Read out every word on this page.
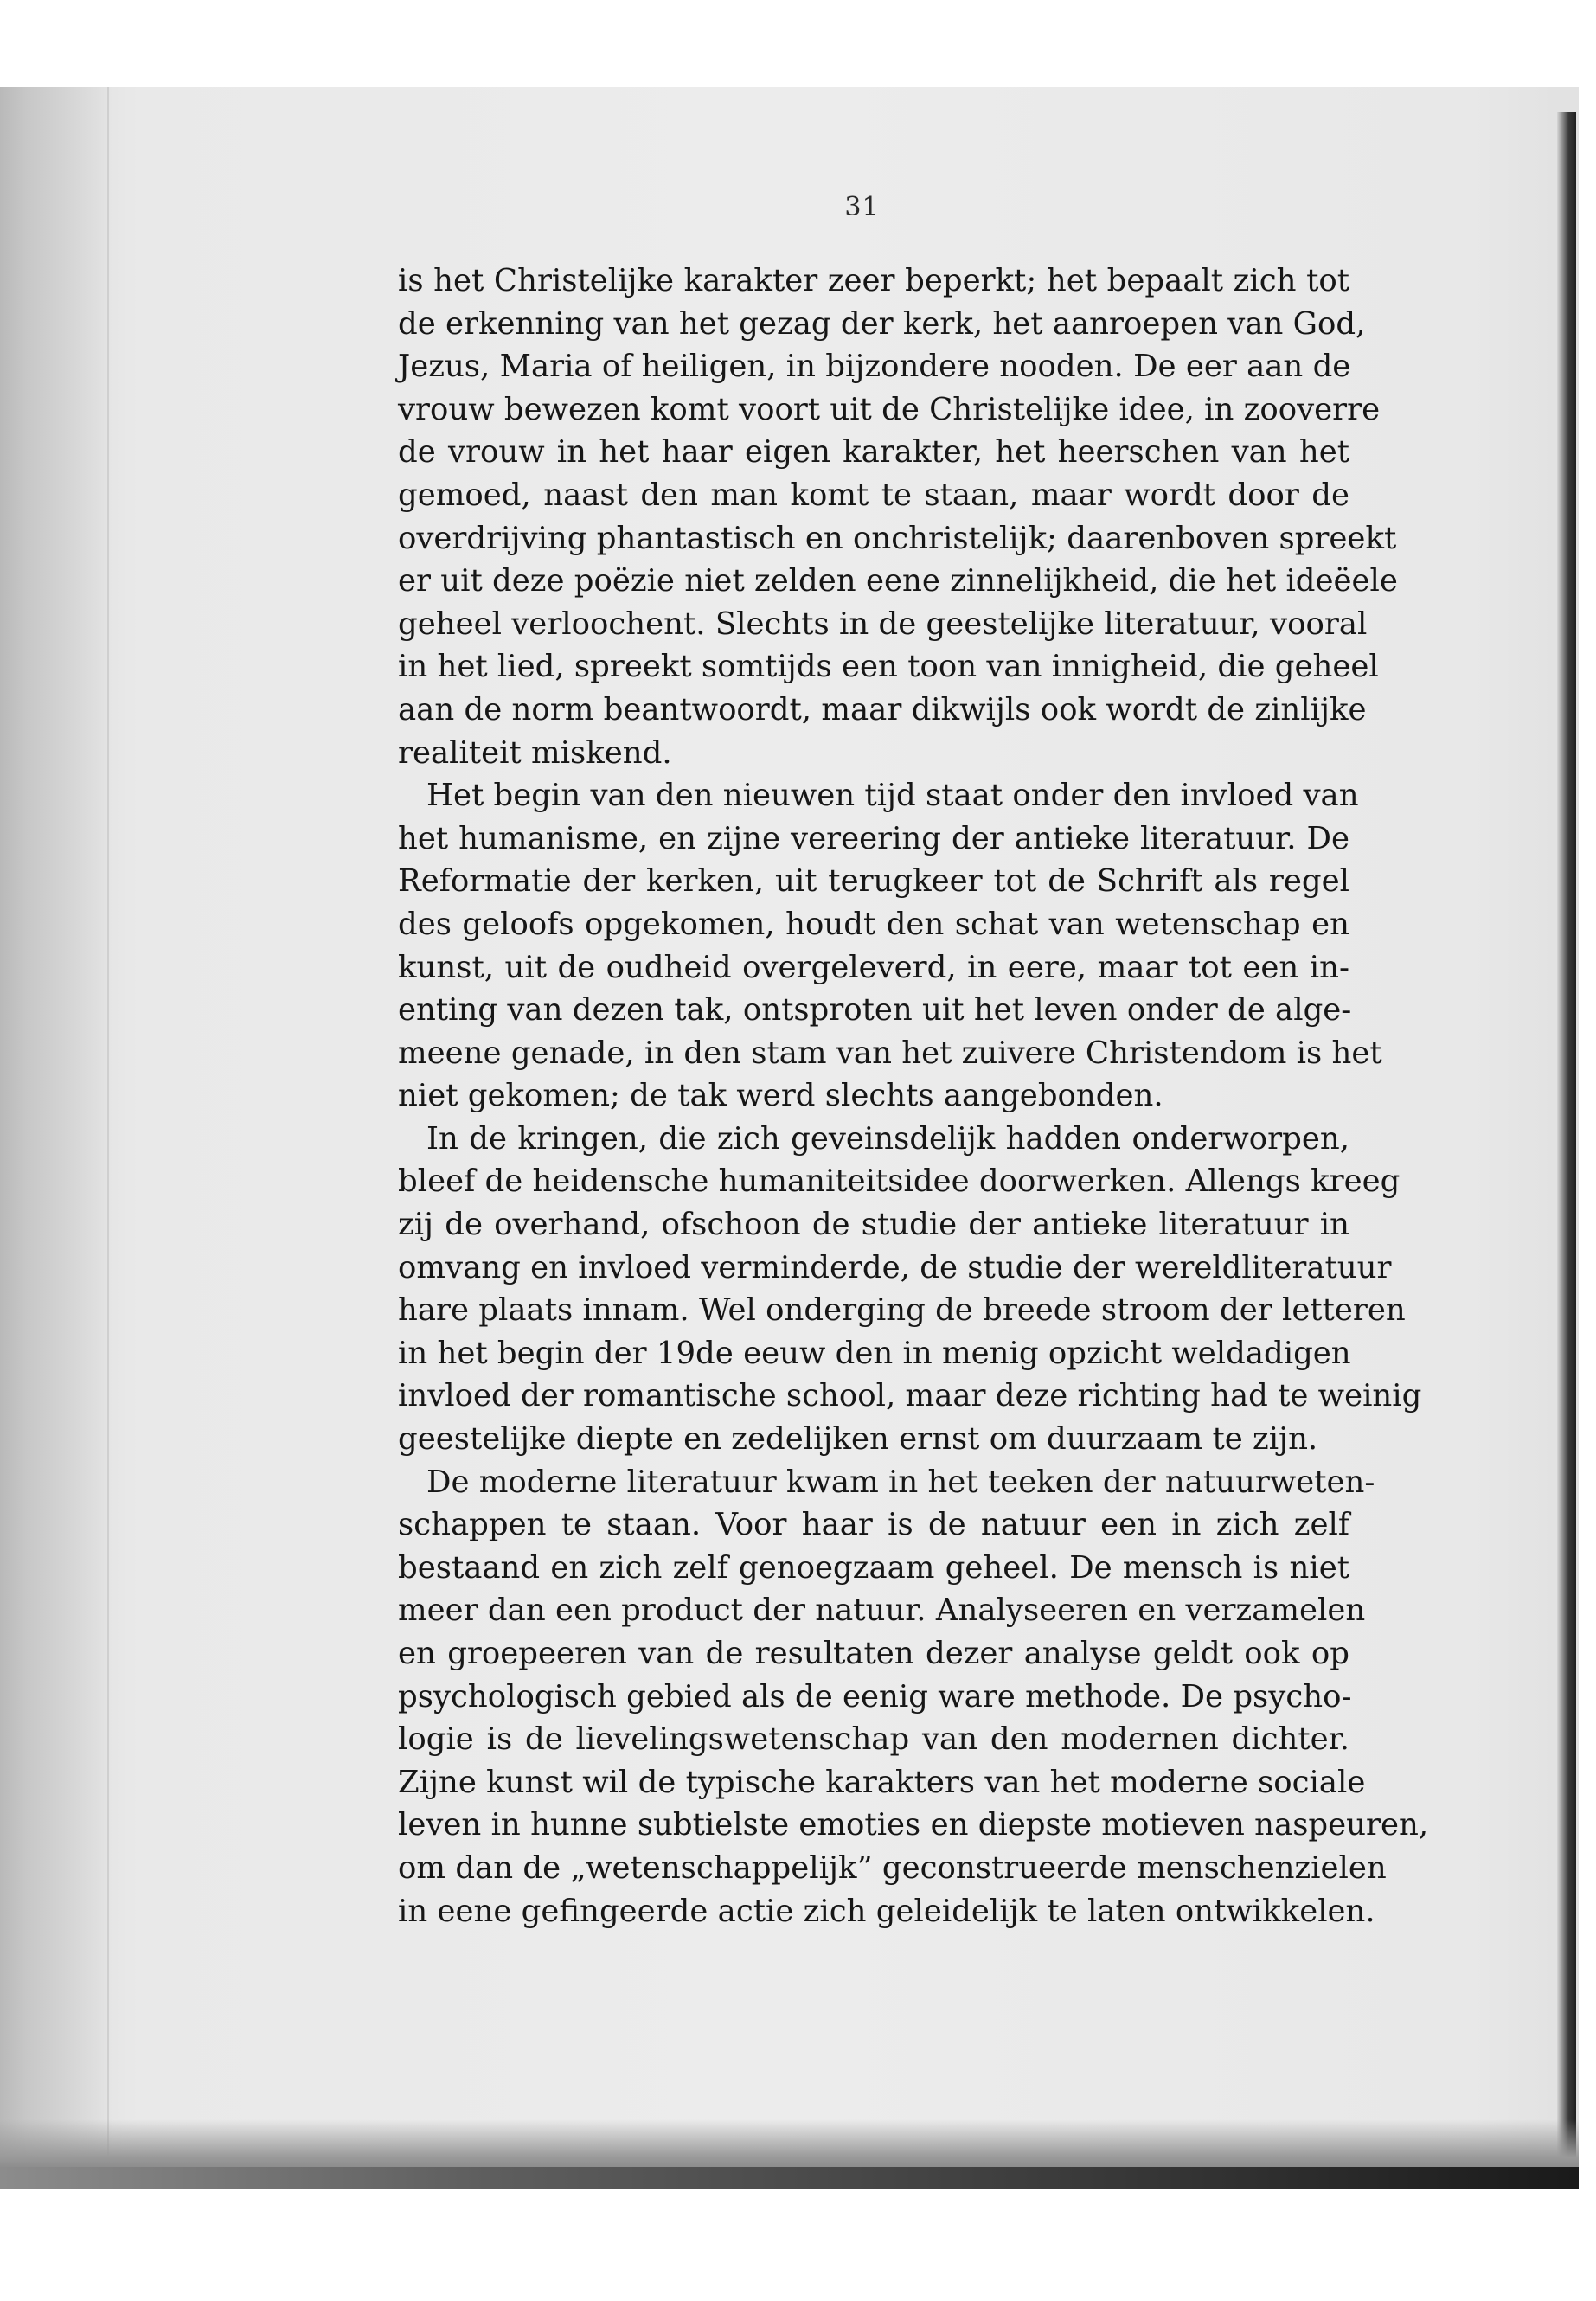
31
is het Christelijke karakter zeer beperkt; het bepaalt zich tot
de erkenning van het gezag der kerk, het aanroepen van God,
Jezus, Maria of heiligen, in bijzondere nooden. De eer aan de
vrouw bewezen komt voort uit de Christelijke idee, in zooverre
de vrouw in het haar eigen karakter, het heerschen van het
gemoed, naast den man komt te staan, maar wordt door de
overdrijving phantastisch en onchristelijk; daarenboven spreekt
er uit deze poëzie niet zelden eene zinnelijkheid, die het ideëele
geheel verloochent. Slechts in de geestelijke literatuur, vooral
in het lied, spreekt somtijds een toon van innigheid, die geheel
aan de norm beantwoordt, maar dikwijls ook wordt de zinlijke
realiteit miskend.
Het begin van den nieuwen tijd staat onder den invloed van
het humanisme, en zijne vereering der antieke literatuur. De
Reformatie der kerken, uit terugkeer tot de Schrift als regel
des geloofs opgekomen, houdt den schat van wetenschap en
kunst, uit de oudheid overgeleverd, in eere, maar tot een in-
enting van dezen tak, ontsproten uit het leven onder de alge-
meene genade, in den stam van het zuivere Christendom is het
niet gekomen; de tak werd slechts aangebonden.
In de kringen, die zich geveinsdelijk hadden onderworpen,
bleef de heidensche humaniteitsidee doorwerken. Allengs kreeg
zij de overhand, ofschoon de studie der antieke literatuur in
omvang en invloed verminderde, de studie der wereldliteratuur
hare plaats innam. Wel onderging de breede stroom der letteren
in het begin der 19de eeuw den in menig opzicht weldadigen
invloed der romantische school, maar deze richting had te weinig
geestelijke diepte en zedelijken ernst om duurzaam te zijn.
De moderne literatuur kwam in het teeken der natuurweten-
schappen te staan. Voor haar is de natuur een in zich zelf
bestaand en zich zelf genoegzaam geheel. De mensch is niet
meer dan een product der natuur. Analyseeren en verzamelen
en groepeeren van de resultaten dezer analyse geldt ook op
psychologisch gebied als de eenig ware methode. De psycho-
logie is de lievelingswetenschap van den modernen dichter.
Zijne kunst wil de typische karakters van het moderne sociale
leven in hunne subtielste emoties en diepste motieven naspeuren,
om dan de „wetenschappelijk” geconstrueerde menschenzielen
in eene gefingeerde actie zich geleidelijk te laten ontwikkelen.
